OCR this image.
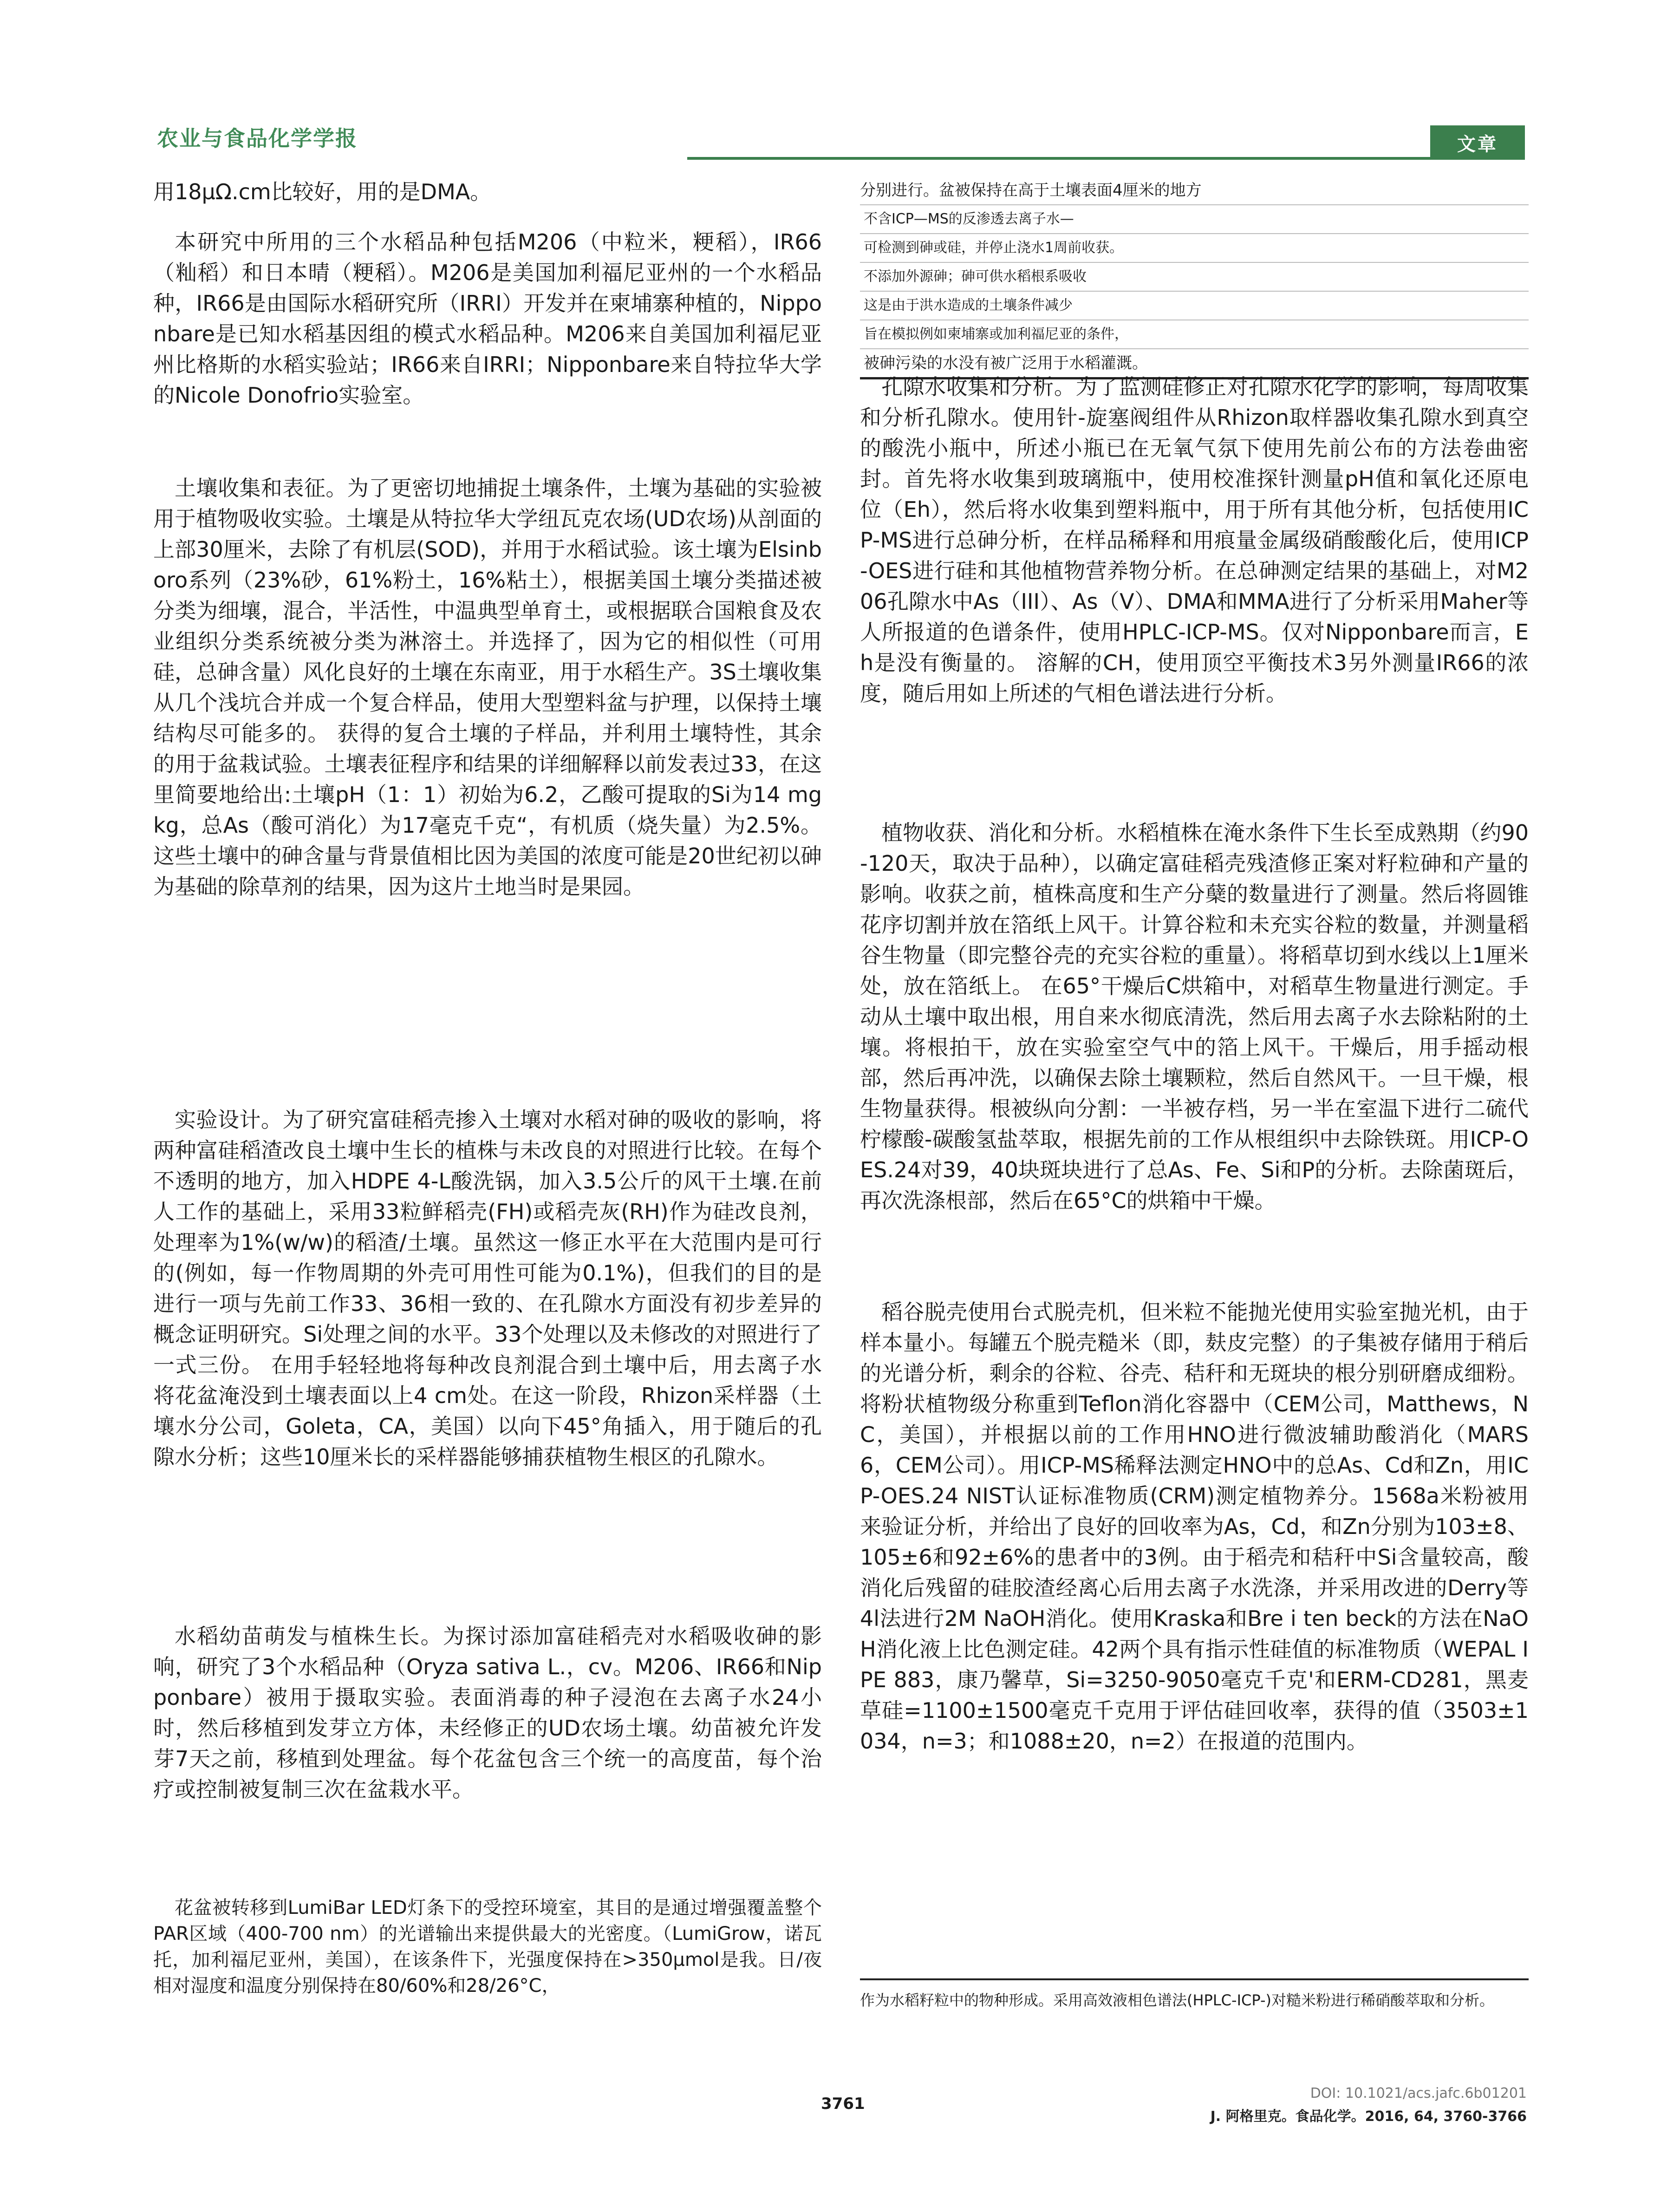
农业与食品化学学报	文章

用18μΩ.cm比较好，用的是DMA。

本研究中所用的三个水稻品种包括M206（中粒米，粳稻），IR66（籼稻）和日本晴（粳稻）。M206是美国加利福尼亚州的一个水稻品种，IR66是由国际水稻研究所（IRRI）开发并在柬埔寨种植的，Nipponbare是已知水稻基因组的模式水稻品种。M206来自美国加利福尼亚州比格斯的水稻实验站；IR66来自IRRI；Nipponbare来自特拉华大学的Nicole Donofrio实验室。

土壤收集和表征。为了更密切地捕捉土壤条件，土壤为基础的实验被用于植物吸收实验。土壤是从特拉华大学纽瓦克农场(UD农场)从剖面的上部30厘米，去除了有机层(SOD)，并用于水稻试验。该土壤为Elsinboro系列（23%砂，61%粉土，16%粘土），根据美国土壤分类描述被分类为细壤，混合，半活性，中温典型单育土，或根据联合国粮食及农业组织分类系统被分类为淋溶土。并选择了，因为它的相似性（可用硅，总砷含量）风化良好的土壤在东南亚，用于水稻生产。3S土壤收集从几个浅坑合并成一个复合样品，使用大型塑料盆与护理，以保持土壤结构尽可能多的。 获得的复合土壤的子样品，并利用土壤特性，其余的用于盆栽试验。土壤表征程序和结果的详细解释以前发表过33，在这里简要地给出:土壤pH（1：1）初始为6.2，乙酸可提取的Si为14 mg kg，总As（酸可消化）为17毫克千克“，有机质（烧失量）为2.5%。这些土壤中的砷含量与背景值相比因为美国的浓度可能是20世纪初以砷为基础的除草剂的结果，因为这片土地当时是果园。

实验设计。为了研究富硅稻壳掺入土壤对水稻对砷的吸收的影响，将两种富硅稻渣改良土壤中生长的植株与未改良的对照进行比较。在每个不透明的地方，加入HDPE 4-L酸洗锅，加入3.5公斤的风干土壤.在前人工作的基础上，采用33粒鲜稻壳(FH)或稻壳灰(RH)作为硅改良剂，处理率为1%(w/w)的稻渣/土壤。虽然这一修正水平在大范围内是可行的(例如，每一作物周期的外壳可用性可能为0.1%)，但我们的目的是进行一项与先前工作33、36相一致的、在孔隙水方面没有初步差异的概念证明研究。Si处理之间的水平。33个处理以及未修改的对照进行了一式三份。 在用手轻轻地将每种改良剂混合到土壤中后，用去离子水将花盆淹没到土壤表面以上4 cm处。在这一阶段，Rhizon采样器（土壤水分公司，Goleta，CA，美国）以向下45°角插入，用于随后的孔隙水分析；这些10厘米长的采样器能够捕获植物生根区的孔隙水。

水稻幼苗萌发与植株生长。为探讨添加富硅稻壳对水稻吸收砷的影响，研究了3个水稻品种（Oryza sativa L.，cv。M206、IR66和Nipponbare）被用于摄取实验。表面消毒的种子浸泡在去离子水24小时，然后移植到发芽立方体，未经修正的UD农场土壤。幼苗被允许发芽7天之前，移植到处理盆。每个花盆包含三个统一的高度苗，每个治疗或控制被复制三次在盆栽水平。

花盆被转移到LumiBar LED灯条下的受控环境室，其目的是通过增强覆盖整个PAR区域（400-700 nm）的光谱输出来提供最大的光密度。（LumiGrow，诺瓦托，加利福尼亚州，美国），在该条件下，光强度保持在>350μmol是我。日/夜相对湿度和温度分别保持在80/60%和28/26°C，

分别进行。盆被保持在高于土壤表面4厘米的地方
不含ICP—MS的反渗透去离子水—
可检测到砷或硅，并停止浇水1周前收获。
不添加外源砷；砷可供水稻根系吸收
这是由于洪水造成的土壤条件减少
旨在模拟例如柬埔寨或加利福尼亚的条件，
被砷污染的水没有被广泛用于水稻灌溉。

孔隙水收集和分析。为了监测硅修正对孔隙水化学的影响，每周收集和分析孔隙水。使用针-旋塞阀组件从Rhizon取样器收集孔隙水到真空的酸洗小瓶中，所述小瓶已在无氧气氛下使用先前公布的方法卷曲密封。首先将水收集到玻璃瓶中，使用校准探针测量pH值和氧化还原电位（Eh），然后将水收集到塑料瓶中，用于所有其他分析，包括使用ICP-MS进行总砷分析，在样品稀释和用痕量金属级硝酸酸化后，使用ICP-OES进行硅和其他植物营养物分析。在总砷测定结果的基础上，对M206孔隙水中As（III）、As（V）、DMA和MMA进行了分析采用Maher等人所报道的色谱条件，使用HPLC-ICP-MS。仅对Nipponbare而言，Eh是没有衡量的。 溶解的CH，使用顶空平衡技术3另外测量IR66的浓度，随后用如上所述的气相色谱法进行分析。

植物收获、消化和分析。水稻植株在淹水条件下生长至成熟期（约90-120天，取决于品种），以确定富硅稻壳残渣修正案对籽粒砷和产量的影响。收获之前，植株高度和生产分蘖的数量进行了测量。然后将圆锥花序切割并放在箔纸上风干。计算谷粒和未充实谷粒的数量，并测量稻谷生物量（即完整谷壳的充实谷粒的重量）。将稻草切到水线以上1厘米处，放在箔纸上。 在65°干燥后C烘箱中，对稻草生物量进行测定。手动从土壤中取出根，用自来水彻底清洗，然后用去离子水去除粘附的土壤。将根拍干，放在实验室空气中的箔上风干。干燥后，用手摇动根部，然后再冲洗，以确保去除土壤颗粒，然后自然风干。一旦干燥，根生物量获得。根被纵向分割：一半被存档，另一半在室温下进行二硫代柠檬酸-碳酸氢盐萃取，根据先前的工作从根组织中去除铁斑。用ICP-OES.24对39，40块斑块进行了总As、Fe、Si和P的分析。去除菌斑后，再次洗涤根部，然后在65°C的烘箱中干燥。

稻谷脱壳使用台式脱壳机，但米粒不能抛光使用实验室抛光机，由于样本量小。每罐五个脱壳糙米（即，麸皮完整）的子集被存储用于稍后的光谱分析，剩余的谷粒、谷壳、秸秆和无斑块的根分别研磨成细粉。将粉状植物级分称重到Teflon消化容器中（CEM公司，Matthews，NC，美国），并根据以前的工作用HNO进行微波辅助酸消化（MARS 6，CEM公司）。用ICP-MS稀释法测定HNO中的总As、Cd和Zn，用ICP-OES.24 NIST认证标准物质(CRM)测定植物养分。1568a米粉被用来验证分析，并给出了良好的回收率为As，Cd，和Zn分别为103±8、105±6和92±6%的患者中的3例。由于稻壳和秸秆中Si含量较高，酸消化后残留的硅胶渣经离心后用去离子水洗涤，并采用改进的Derry等4l法进行2M NaOH消化。使用Kraska和Bre i ten beck的方法在NaOH消化液上比色测定硅。42两个具有指示性硅值的标准物质（WEPAL IPE 883，康乃馨草，Si=3250-9050毫克千克'和ERM-CD281，黑麦草硅=1100±1500毫克千克用于评估硅回收率，获得的值（3503±1034，n=3；和1088±20，n=2）在报道的范围内。

作为水稻籽粒中的物种形成。采用高效液相色谱法(HPLC-ICP-)对糙米粉进行稀硝酸萃取和分析。
3761
DOI: 10.1021/acs.jafc.6b01201
J. 阿格里克。食品化学。2016, 64, 3760-3766
